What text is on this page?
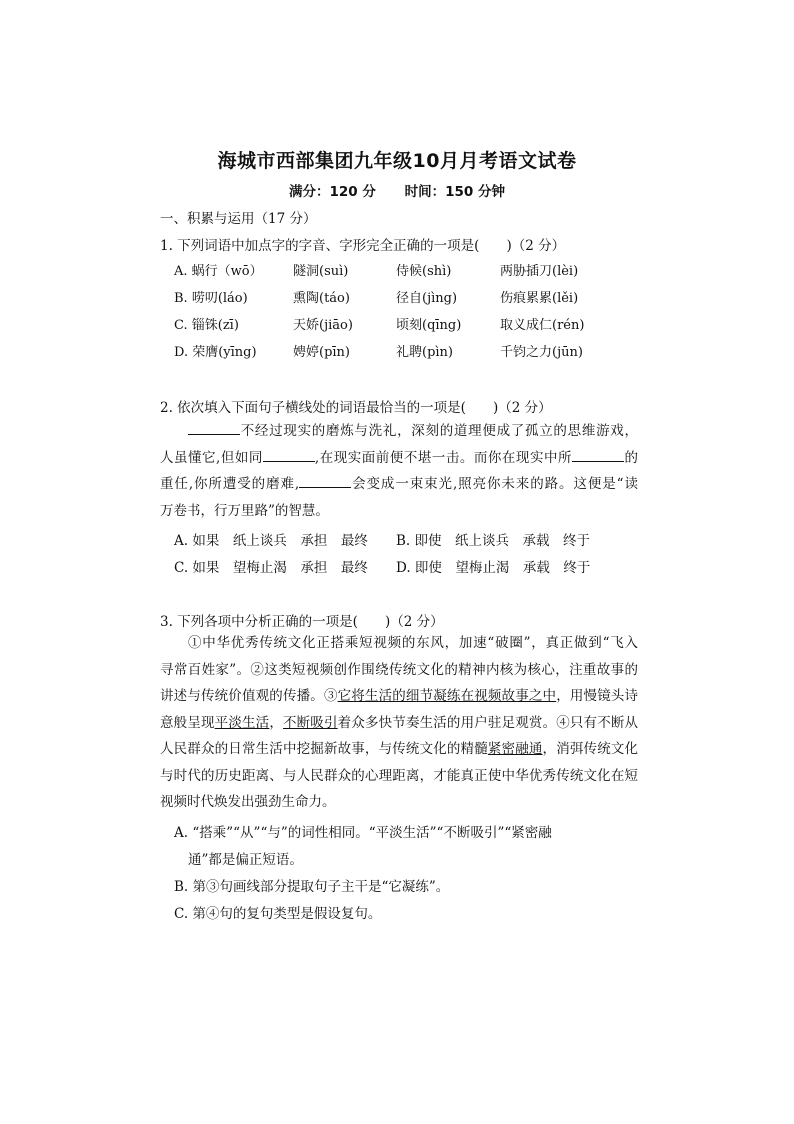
海城市西部集团九年级10月月考语文试卷
满分：120 分 时间：150 分钟
一、积累与运用（17 分）
1. 下列词语中加点字的字音、字形完全正确的一项是(　　)（2 分）
A. 蜗行（wō） 隧洞(suì)	侍候(shì)	两胁插刀(lèi)
B. 唠叨(láo)	熏陶(táo)	径自(jìng)	伤痕累累(lěi)
C. 锱铢(zī)	天娇(jiāo)	顷刻(qīng)	取义成仁(rén)
D. 荣膺(yīng)	娉婷(pīn)	礼聘(pìn)	千钧之力(jūn)
2. 依次填入下面句子横线处的词语最恰当的一项是(　　)（2 分）

不经过现实的磨炼与洗礼，深刻的道理便成了孤立的思维游戏，

人虽懂它,但如同	,在现实面前便不堪一击。而你在现实中所	的

重任,你所遭受的磨难,	会变成一束束光,照亮你未来的路。这便是“读

万卷书，行万里路”的智慧。

A. 如果　纸上谈兵　承担　最终 B. 即使　纸上谈兵　承载　终于
C. 如果　望梅止渴　承担　最终 D. 即使　望梅止渴　承载　终于
3. 下列各项中分析正确的一项是(　　)（2 分）

①中华优秀传统文化正搭乘短视频的东风，加速“破圈”，真正做到“飞入

寻常百姓家”。②这类短视频创作围绕传统文化的精神内核为核心，注重故事的

讲述与传统价值观的传播。③它将生活的细节凝练在视频故事之中，用慢镜头诗

意般呈现平淡生活，不断吸引着众多快节奏生活的用户驻足观赏。④只有不断从

人民群众的日常生活中挖掘新故事，与传统文化的精髓紧密融通，消弭传统文化

与时代的历史距离、与人民群众的心理距离，才能真正使中华优秀传统文化在短

视频时代焕发出强劲生命力。

A. “搭乘”“从”“与”的词性相同。“平淡生活”“不断吸引”“紧密融

通”都是偏正短语。

B. 第③句画线部分提取句子主干是“它凝练”。

C. 第④句的复句类型是假设复句。
